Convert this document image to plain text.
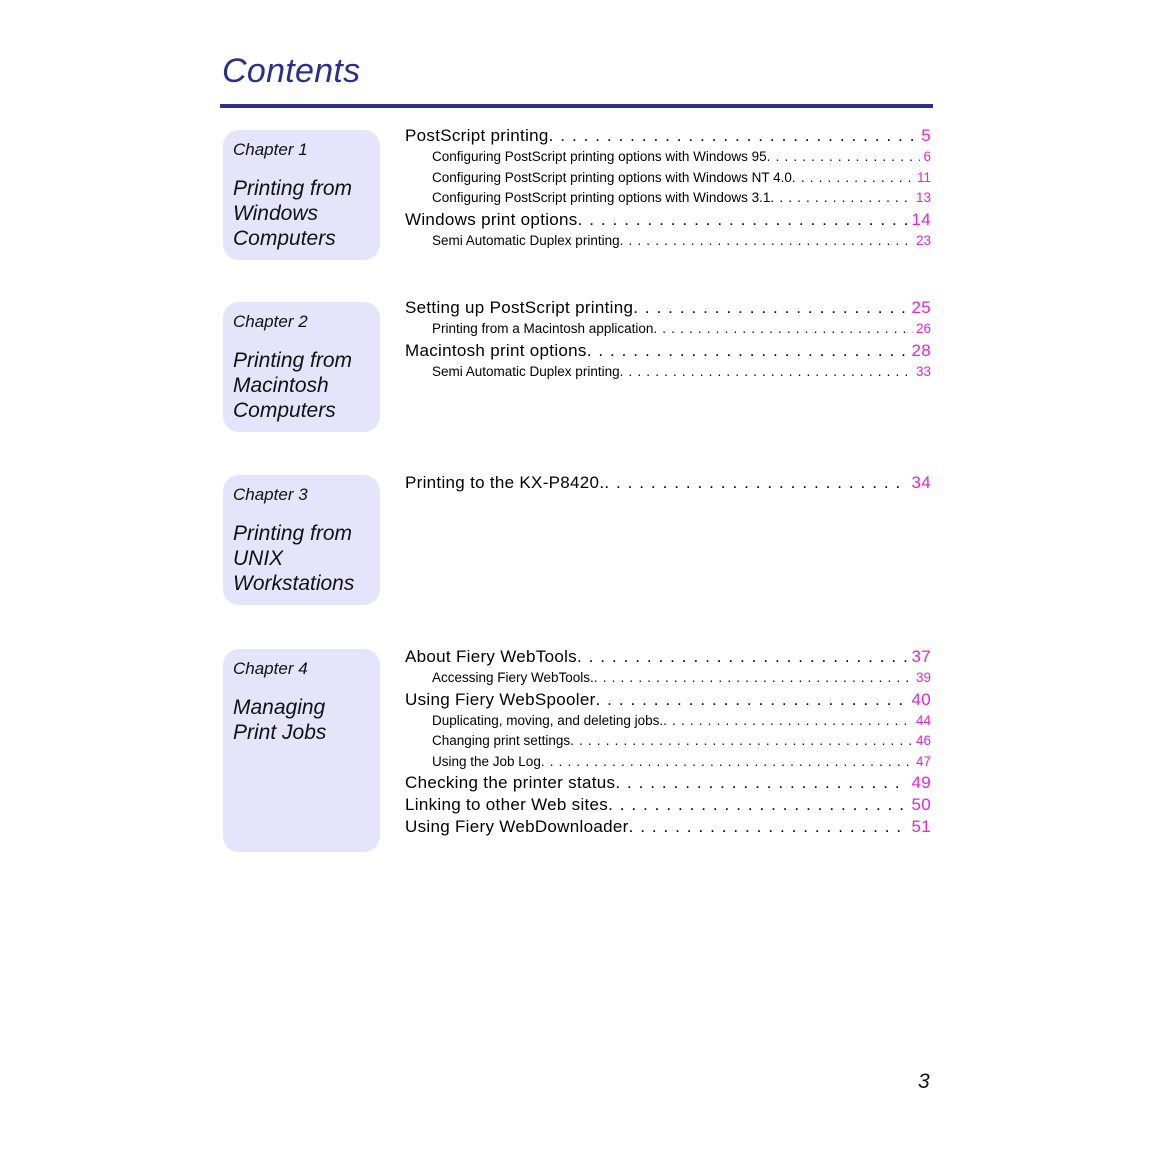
Contents
Chapter 1
Printing from
Windows
Computers
PostScript printing . . .	5
Configuring PostScript printing options with Windows 95 . . .	6
Configuring PostScript printing options with Windows NT 4.0 . . .	11
Configuring PostScript printing options with Windows 3.1 . . .	13
Windows print options . . .	14
Semi Automatic Duplex printing . . .	23
Chapter 2
Printing from
Macintosh
Computers
Setting up PostScript printing . . .	25
Printing from a Macintosh application . . .	26
Macintosh print options . . .	28
Semi Automatic Duplex printing . . .	33
Chapter 3
Printing from
UNIX
Workstations
Printing to the KX-P8420. . . .	34
Chapter 4
Managing
Print Jobs
About Fiery WebTools . . .	37
Accessing Fiery WebTools. . . .	39
Using Fiery WebSpooler . . .	40
Duplicating, moving, and deleting jobs. . . .	44
Changing print settings . . .	46
Using the Job Log . . .	47
Checking the printer status . . .	49
Linking to other Web sites . . .	50
Using Fiery WebDownloader . . .	51
3
